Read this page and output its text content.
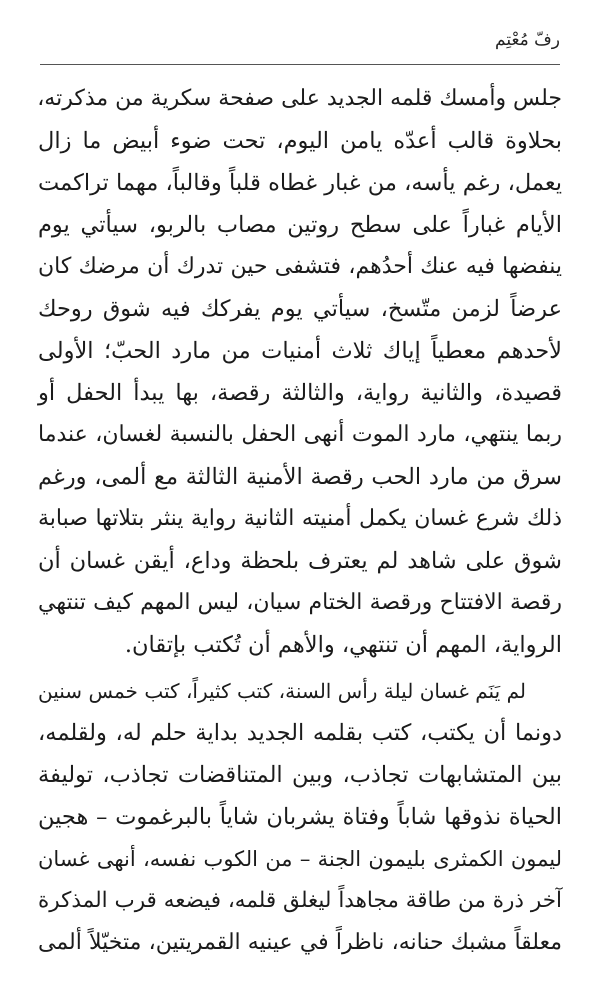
رفّ مُعْتِم
جلس وأمسك قلمه الجديد على صفحة سكرية من مذكرته،
بحلاوة قالب أعدّه يامن اليوم، تحت ضوء أبيض ما زال
يعمل، رغم يأسه، من غبار غطاه قلباً وقالباً، مهما تراكمت
الأيام غباراً على سطح روتين مصاب بالربو، سيأتي يوم
ينفضها فيه عنك أحدُهم، فتشفى حين تدرك أن مرضك كان
عرضاً لزمن متّسخ، سيأتي يوم يفركك فيه شوق روحك
لأحدهم معطياً إياك ثلاث أمنيات من مارد الحبّ؛ الأولى
قصيدة، والثانية رواية، والثالثة رقصة، بها يبدأ الحفل أو
ربما ينتهي، مارد الموت أنهى الحفل بالنسبة لغسان، عندما
سرق من مارد الحب رقصة الأمنية الثالثة مع ألمى، ورغم
ذلك شرع غسان يكمل أمنيته الثانية رواية ينثر بتلاتها صبابة
شوق على شاهد لم يعترف بلحظة وداع، أيقن غسان أن
رقصة الافتتاح ورقصة الختام سيان، ليس المهم كيف تنتهي
الرواية، المهم أن تنتهي، والأهم أن تُكتب بإتقان.
لم يَنَم غسان ليلة رأس السنة، كتب كثيراً، كتب خمس سنين
دونما أن يكتب، كتب بقلمه الجديد بداية حلم له، ولقلمه،
بين المتشابهات تجاذب، وبين المتناقضات تجاذب، توليفة
الحياة نذوقها شاباً وفتاة يشربان شاياً بالبرغموت – هجين
ليمون الكمثرى بليمون الجنة – من الكوب نفسه، أنهى غسان
آخر ذرة من طاقة مجاهداً ليغلق قلمه، فيضعه قرب المذكرة
معلقاً مشبك حنانه، ناظراً في عينيه القمريتين، متخيّلاً ألمى
